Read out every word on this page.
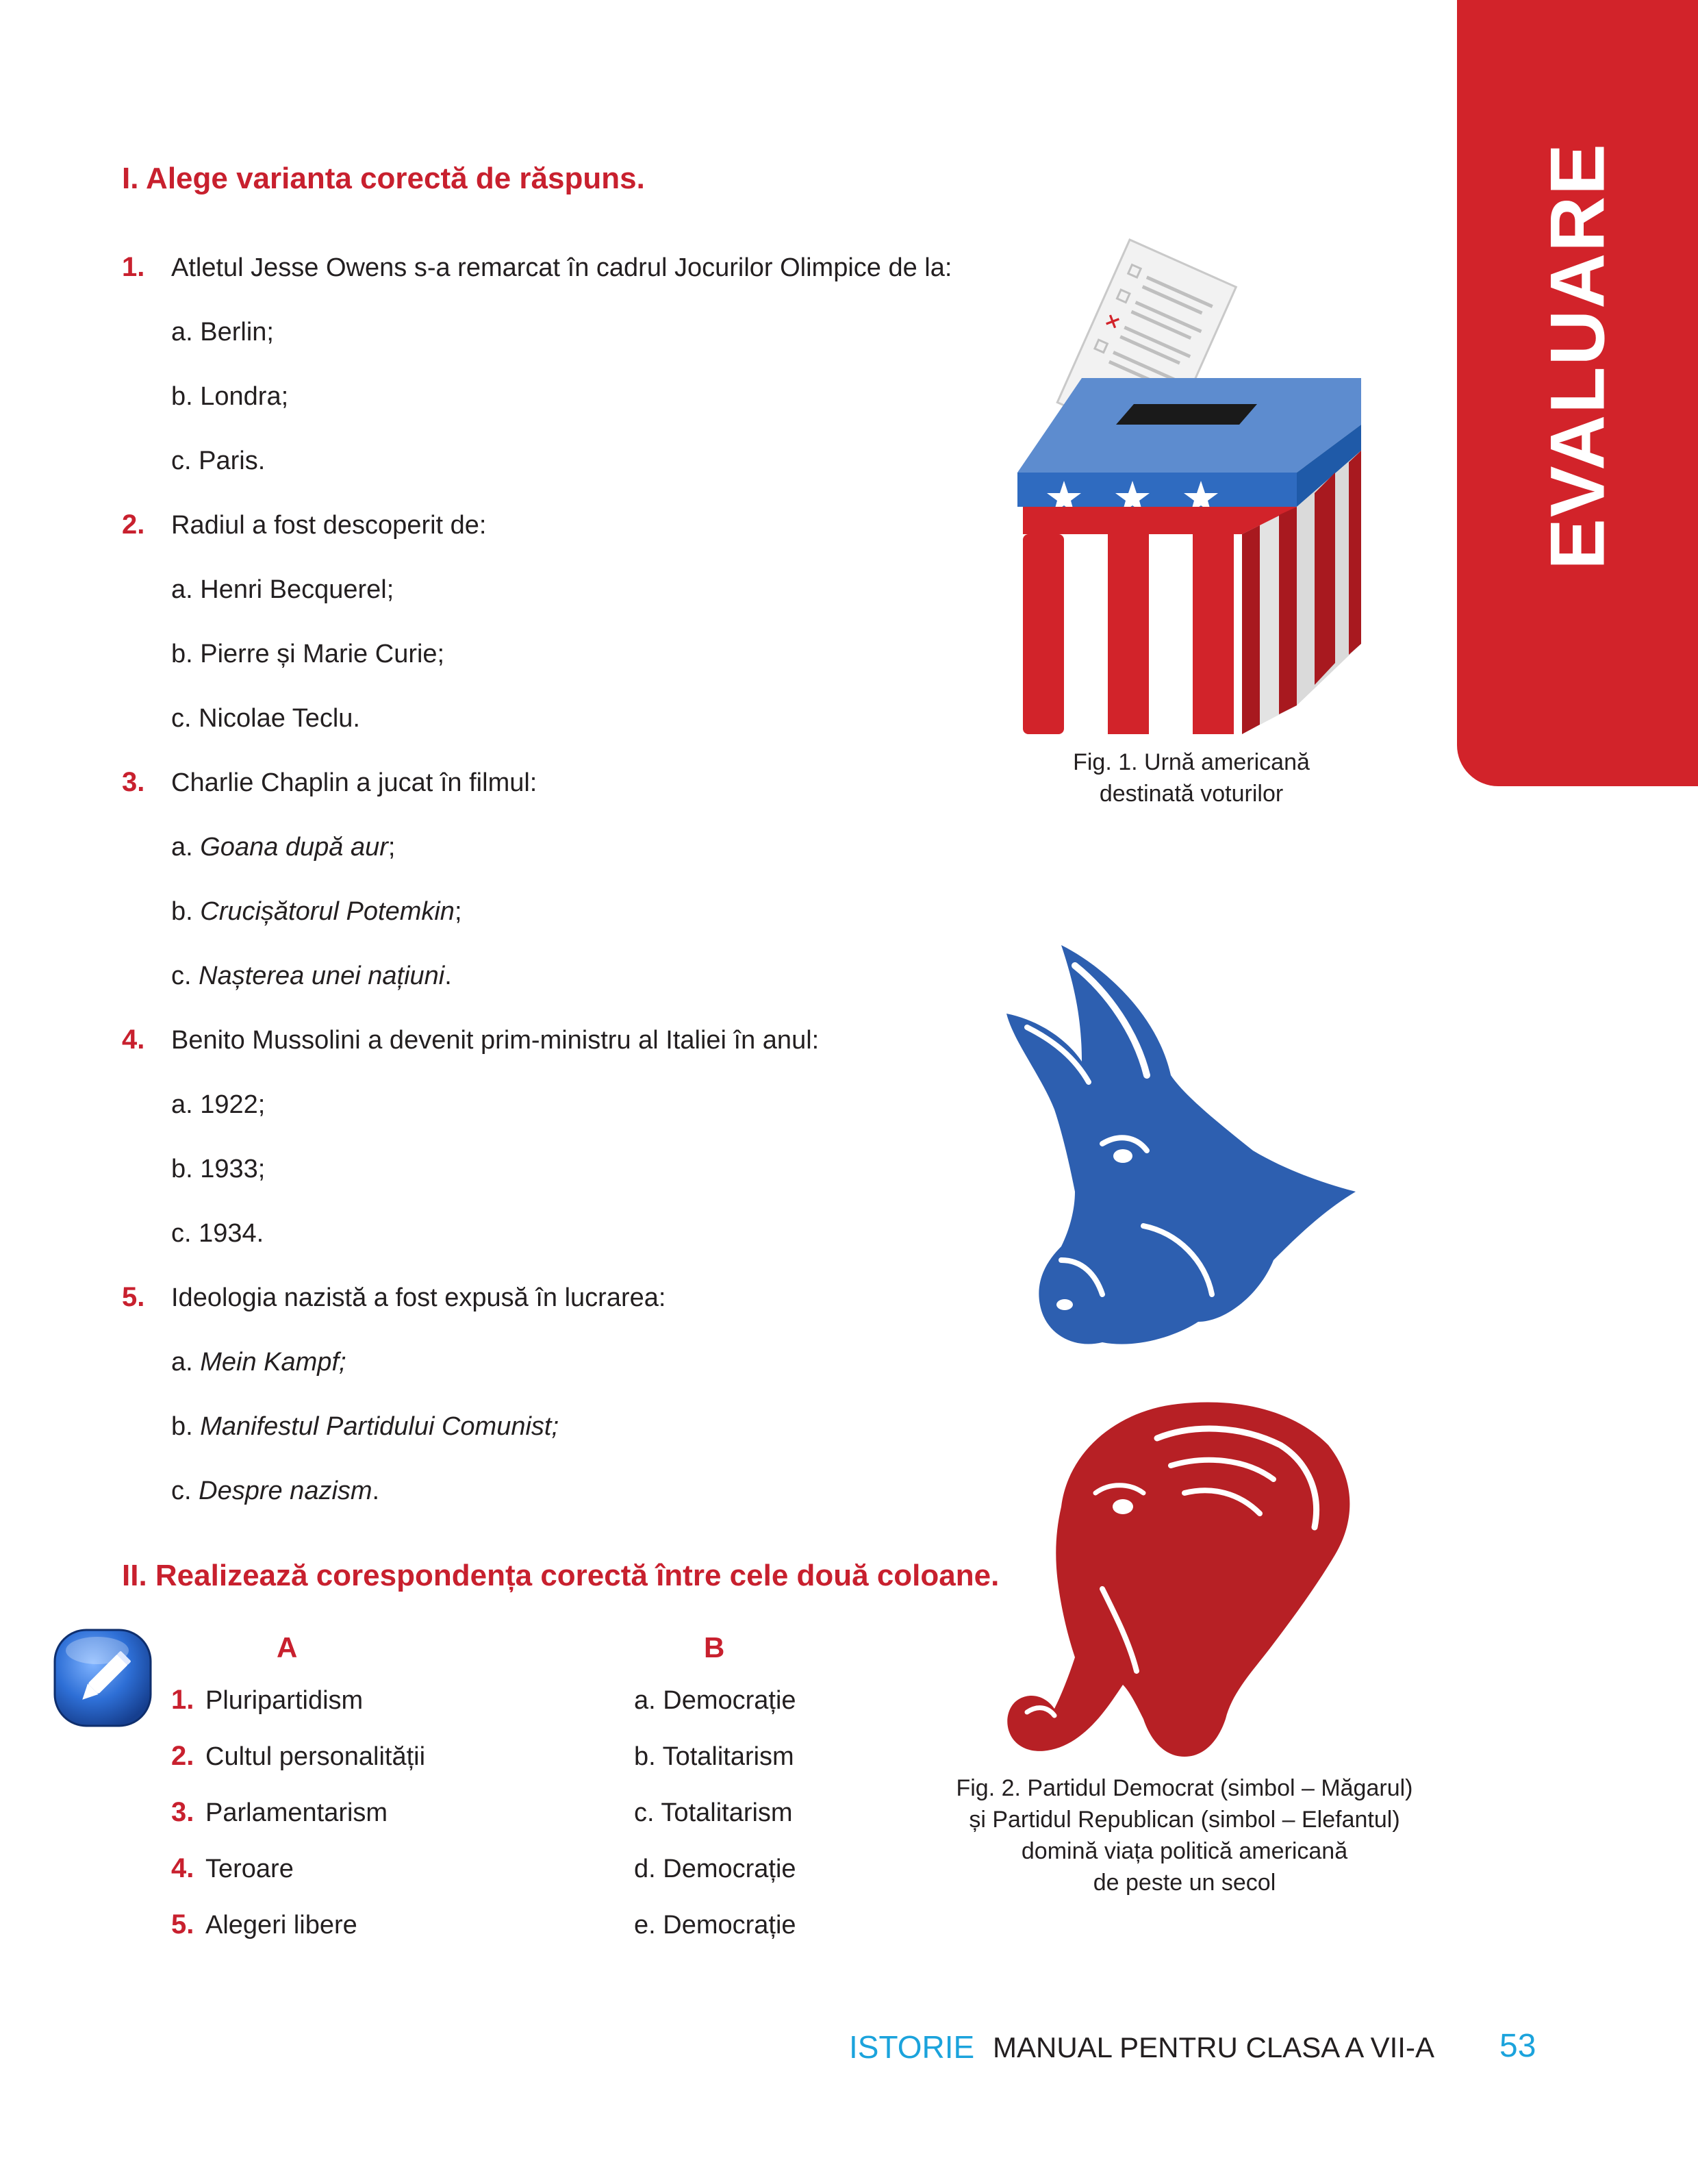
EVALUARE
I. Alege varianta corectă de răspuns.
1. Atletul Jesse Owens s-a remarcat în cadrul Jocurilor Olimpice de la:
a. Berlin;
b. Londra;
c. Paris.
2. Radiul a fost descoperit de:
a. Henri Becquerel;
b. Pierre și Marie Curie;
c. Nicolae Teclu.
3. Charlie Chaplin a jucat în filmul:
a. Goana după aur;
b. Crucișătorul Potemkin;
c. Nașterea unei națiuni.
4. Benito Mussolini a devenit prim-ministru al Italiei în anul:
a. 1922;
b. 1933;
c. 1934.
5. Ideologia nazistă a fost expusă în lucrarea:
a. Mein Kampf;
b. Manifestul Partidului Comunist;
c. Despre nazism.
II. Realizează corespondența corectă între cele două coloane.
A	B
1. Pluripartidism	a. Democrație
2. Cultul personalității	b. Totalitarism
3. Parlamentarism	c. Totalitarism
4. Teroare	d. Democrație
5. Alegeri libere	e. Democrație
×
Fig. 1. Urnă americană
destinată voturilor
Fig. 2. Partidul Democrat (simbol – Măgarul)
și Partidul Republican (simbol – Elefantul)
domină viața politică americană
de peste un secol
ISTORIE MANUAL PENTRU CLASA A VII-A 53
